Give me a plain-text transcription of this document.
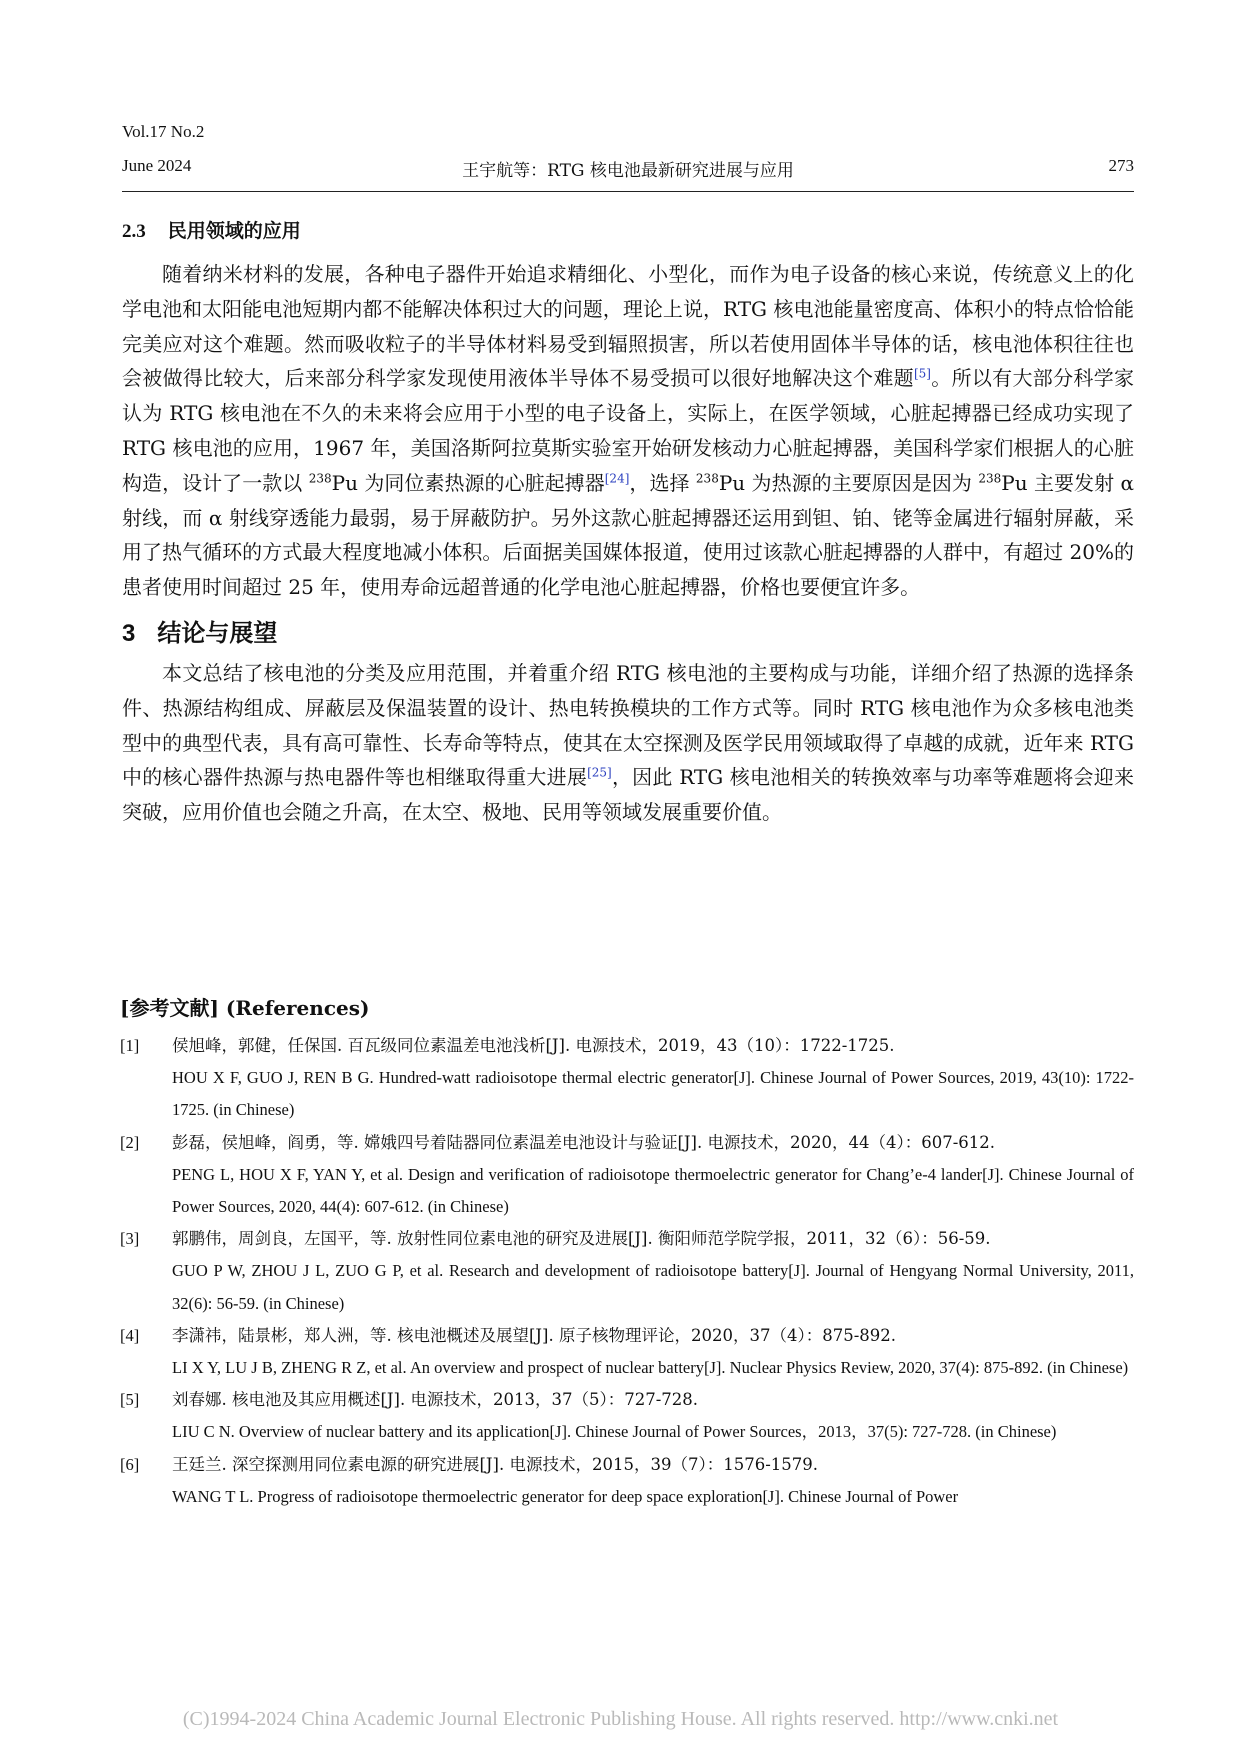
Vol.17 No.2
June 2024	王宇航等：RTG 核电池最新研究进展与应用	273
2.3 民用领域的应用

随着纳米材料的发展，各种电子器件开始追求精细化、小型化，而作为电子设备的核心来说，传统意义上的化学电池和太阳能电池短期内都不能解决体积过大的问题，理论上说，RTG 核电池能量密度高、体积小的特点恰恰能完美应对这个难题。然而吸收粒子的半导体材料易受到辐照损害，所以若使用固体半导体的话，核电池体积往往也会被做得比较大，后来部分科学家发现使用液体半导体不易受损可以很好地解决这个难题[5]。所以有大部分科学家认为 RTG 核电池在不久的未来将会应用于小型的电子设备上，实际上，在医学领域，心脏起搏器已经成功实现了 RTG 核电池的应用，1967 年，美国洛斯阿拉莫斯实验室开始研发核动力心脏起搏器，美国科学家们根据人的心脏构造，设计了一款以 $^{238}$Pu 为同位素热源的心脏起搏器[24]，选择 $^{238}$Pu 为热源的主要原因是因为 $^{238}$Pu 主要发射 α 射线，而 α 射线穿透能力最弱，易于屏蔽防护。另外这款心脏起搏器还运用到钽、铂、铑等金属进行辐射屏蔽，采用了热气循环的方式最大程度地减小体积。后面据美国媒体报道，使用过该款心脏起搏器的人群中，有超过 20%的患者使用时间超过 25 年，使用寿命远超普通的化学电池心脏起搏器，价格也要便宜许多。

3 结论与展望

本文总结了核电池的分类及应用范围，并着重介绍 RTG 核电池的主要构成与功能，详细介绍了热源的选择条件、热源结构组成、屏蔽层及保温装置的设计、热电转换模块的工作方式等。同时 RTG 核电池作为众多核电池类型中的典型代表，具有高可靠性、长寿命等特点，使其在太空探测及医学民用领域取得了卓越的成就，近年来 RTG 中的核心器件热源与热电器件等也相继取得重大进展[25]，因此 RTG 核电池相关的转换效率与功率等难题将会迎来突破，应用价值也会随之升高，在太空、极地、民用等领域发展重要价值。

[参考文献] (References)
[1] 侯旭峰，郭健，任保国. 百瓦级同位素温差电池浅析[J]. 电源技术，2019，43（10）：1722-1725.
HOU X F, GUO J, REN B G. Hundred-watt radioisotope thermal electric generator[J]. Chinese Journal of Power Sources, 2019, 43(10): 1722-1725. (in Chinese)
[2] 彭磊，侯旭峰，阎勇，等. 嫦娥四号着陆器同位素温差电池设计与验证[J]. 电源技术，2020，44（4）：607-612.
PENG L, HOU X F, YAN Y, et al. Design and verification of radioisotope thermoelectric generator for Chang’e-4 lander[J]. Chinese Journal of Power Sources, 2020, 44(4): 607-612. (in Chinese)
[3] 郭鹏伟，周剑良，左国平，等. 放射性同位素电池的研究及进展[J]. 衡阳师范学院学报，2011，32（6）：56-59.
GUO P W, ZHOU J L, ZUO G P, et al. Research and development of radioisotope battery[J]. Journal of Hengyang Normal University, 2011, 32(6): 56-59. (in Chinese)
[4] 李潇祎，陆景彬，郑人洲，等. 核电池概述及展望[J]. 原子核物理评论，2020，37（4）：875-892.
LI X Y, LU J B, ZHENG R Z, et al. An overview and prospect of nuclear battery[J]. Nuclear Physics Review, 2020, 37(4): 875-892. (in Chinese)
[5] 刘春娜. 核电池及其应用概述[J]. 电源技术，2013，37（5）：727-728.
LIU C N. Overview of nuclear battery and its application[J]. Chinese Journal of Power Sources，2013，37(5): 727-728. (in Chinese)
[6] 王廷兰. 深空探测用同位素电源的研究进展[J]. 电源技术，2015，39（7）：1576-1579.
WANG T L. Progress of radioisotope thermoelectric generator for deep space exploration[J]. Chinese Journal of Power
(C)1994-2024 China Academic Journal Electronic Publishing House. All rights reserved. http://www.cnki.net
